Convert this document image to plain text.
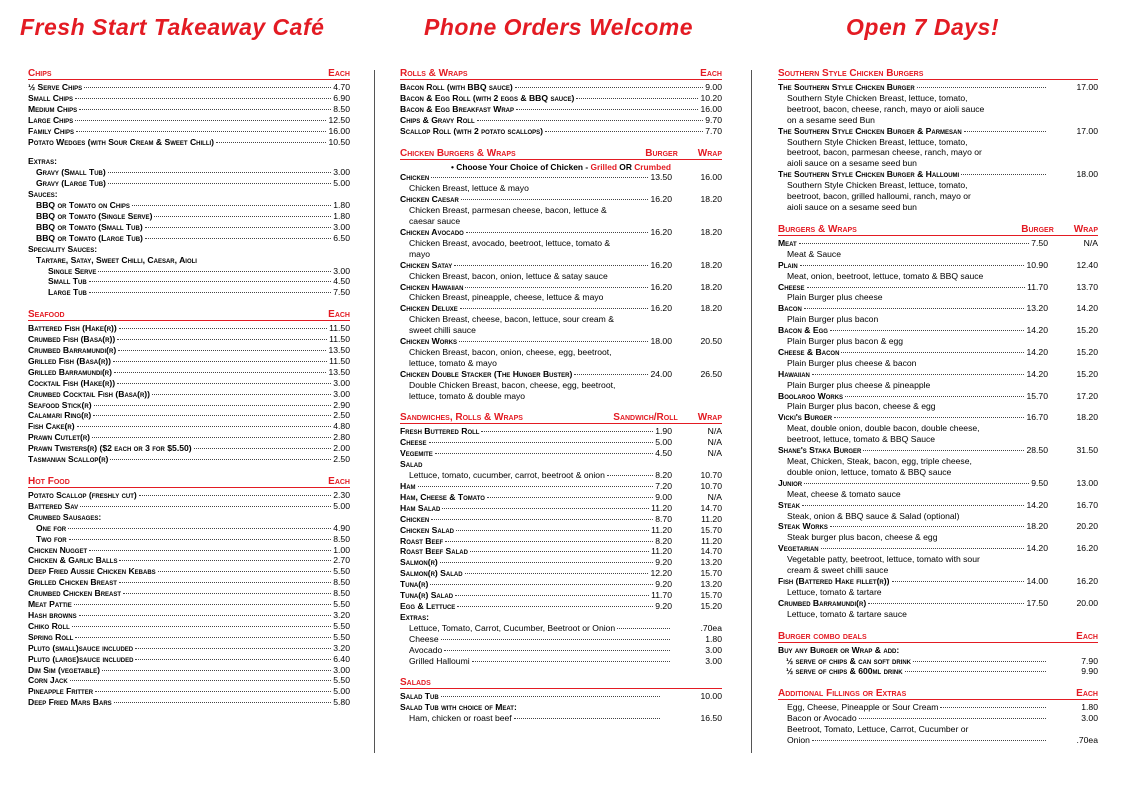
Fresh Start Takeaway Café	Phone Orders Welcome	Open 7 Days!
Chips	Each
½ Serve Chips	4.70
Small Chips	6.90
Medium Chips	8.50
Large Chips	12.50
Family Chips	16.00
Potato Wedges (with Sour Cream & Sweet Chilli)	10.50
Extras:
Gravy (Small Tub)	3.00
Gravy (Large Tub)	5.00
Sauces:
BBQ or Tomato on Chips	1.80
BBQ or Tomato (Single Serve)	1.80
BBQ or Tomato (Small Tub)	3.00
BBQ or Tomato (Large Tub)	6.50
Speciality Sauces:
Tartare, Satay, Sweet Chilli, Caesar, Aioli
Single Serve	3.00
Small Tub	4.50
Large Tub	7.50
Seafood	Each
Battered Fish (Hake(r))	11.50
Crumbed Fish (Basa(r))	11.50
Crumbed Barramundi(r)	13.50
Grilled Fish (Basa(r))	11.50
Grilled Barramundi(r)	13.50
Cocktail Fish (Hake(r))	3.00
Crumbed Cocktail Fish (Basa(r))	3.00
Seafood Stick(r)	2.90
Calamari Ring(r)	2.50
Fish Cake(r)	4.80
Prawn Cutlet(r)	2.80
Prawn Twisters(r) ($2 each or 3 for $5.50)	2.00
Tasmanian Scallop(r)	2.50
Hot Food	Each
Potato Scallop (freshly cut)	2.30
Battered Sav	5.00
Crumbed Sausages:
One for	4.90
Two for	8.50
Chicken Nugget	1.00
Chicken & Garlic Balls	2.70
Deep Fried Aussie Chicken Kebabs	5.50
Grilled Chicken Breast	8.50
Crumbed Chicken Breast	8.50
Meat Pattie	5.50
Hash browns	3.20
Chiko Roll	5.50
Spring Roll	5.50
Pluto (small)sauce included	3.20
Pluto (large)sauce included	6.40
Dim Sim (vegetable)	3.00
Corn Jack	5.50
Pineapple Fritter	5.00
Deep Fried Mars Bars	5.80
Rolls & Wraps	Each
Bacon Roll (with BBQ sauce)	9.00
Bacon & Egg Roll (with 2 eggs & BBQ sauce)	10.20
Bacon & Egg Breakfast Wrap	16.00
Chips & Gravy Roll	9.70
Scallop Roll (with 2 potato scallops)	7.70
Chicken Burgers & Wraps	Burger Wrap
• Choose Your Choice of Chicken - Grilled OR Crumbed
Chicken	13.50	16.00
Chicken Breast, lettuce & mayo
Chicken Caesar	16.20	18.20
Chicken Breast, parmesan cheese, bacon, lettuce &
caesar sauce
Chicken Avocado	16.20	18.20
Chicken Breast, avocado, beetroot, lettuce, tomato &
mayo
Chicken Satay	16.20	18.20
Chicken Breast, bacon, onion, lettuce & satay sauce
Chicken Hawaiian	16.20	18.20
Chicken Breast, pineapple, cheese, lettuce & mayo
Chicken Deluxe	16.20	18.20
Chicken Breast, cheese, bacon, lettuce, sour cream &
sweet chilli sauce
Chicken Works	18.00	20.50
Chicken Breast, bacon, onion, cheese, egg, beetroot,
lettuce, tomato & mayo
Chicken Double Stacker (The Hunger Buster)	24.00	26.50
Double Chicken Breast, bacon, cheese, egg, beetroot,
lettuce, tomato & double mayo
Sandwiches, Rolls & Wraps	Sandwich/Roll Wrap
Fresh Buttered Roll	1.90	N/A
Cheese	5.00	N/A
Vegemite	4.50	N/A
Salad
Lettuce, tomato, cucumber, carrot, beetroot & onion	8.20	10.70
Ham	7.20	10.70
Ham, Cheese & Tomato	9.00	N/A
Ham Salad	11.20	14.70
Chicken	8.70	11.20
Chicken Salad	11.20	15.70
Roast Beef	8.20	11.20
Roast Beef Salad	11.20	14.70
Salmon(r)	9.20	13.20
Salmon(r) Salad	12.20	15.70
Tuna(r)	9.20	13.20
Tuna(r) Salad	11.70	15.70
Egg & Lettuce	9.20	15.20
Extras:
Lettuce, Tomato, Carrot, Cucumber, Beetroot or Onion	.70ea
Cheese	1.80
Avocado	3.00
Grilled Halloumi	3.00
Salads
Salad Tub	10.00
Salad Tub with choice of Meat:
Ham, chicken or roast beef	16.50
Southern Style Chicken Burgers
The Southern Style Chicken Burger	17.00
Southern Style Chicken Breast, lettuce, tomato,
beetroot, bacon, cheese, ranch, mayo or aioli sauce
on a sesame seed Bun
The Southern Style Chicken Burger & Parmesan	17.00
Southern Style Chicken Breast, lettuce, tomato,
beetroot, bacon, parmesan cheese, ranch, mayo or
aioli sauce on a sesame seed bun
The Southern Style Chicken Burger & Halloumi	18.00
Southern Style Chicken Breast, lettuce, tomato,
beetroot, bacon, grilled halloumi, ranch, mayo or
aioli sauce on a sesame seed bun
Burgers & Wraps	Burger Wrap
Meat	7.50	N/A
Meat & Sauce
Plain	10.90	12.40
Meat, onion, beetroot, lettuce, tomato & BBQ sauce
Cheese	11.70	13.70
Plain Burger plus cheese
Bacon	13.20	14.20
Plain Burger plus bacon
Bacon & Egg	14.20	15.20
Plain Burger plus bacon & egg
Cheese & Bacon	14.20	15.20
Plain Burger plus cheese & bacon
Hawaiian	14.20	15.20
Plain Burger plus cheese & pineapple
Boolaroo Works	15.70	17.20
Plain Burger plus bacon, cheese & egg
Vicki's Burger	16.70	18.20
Meat, double onion, double bacon, double cheese,
beetroot, lettuce, tomato & BBQ Sauce
Shane's Staka Burger	28.50	31.50
Meat, Chicken, Steak, bacon, egg, triple cheese,
double onion, lettuce, tomato & BBQ sauce
Junior	9.50	13.00
Meat, cheese & tomato sauce
Steak	14.20	16.70
Steak, onion & BBQ sauce & Salad (optional)
Steak Works	18.20	20.20
Steak burger plus bacon, cheese & egg
Vegetarian	14.20	16.20
Vegetable patty, beetroot, lettuce, tomato with sour
cream & sweet chilli sauce
Fish (Battered Hake fillet(r))	14.00	16.20
Lettuce, tomato & tartare
Crumbed Barramundi(r)	17.50	20.00
Lettuce, tomato & tartare sauce
Burger combo deals	Each
Buy any Burger or Wrap & add:
½ serve of chips & can soft drink	7.90
½ serve of chips & 600ml drink	9.90
Additional Fillings or Extras	Each
Egg, Cheese, Pineapple or Sour Cream	1.80
Bacon or Avocado	3.00
Beetroot, Tomato, Lettuce, Carrot, Cucumber or
Onion	.70ea
